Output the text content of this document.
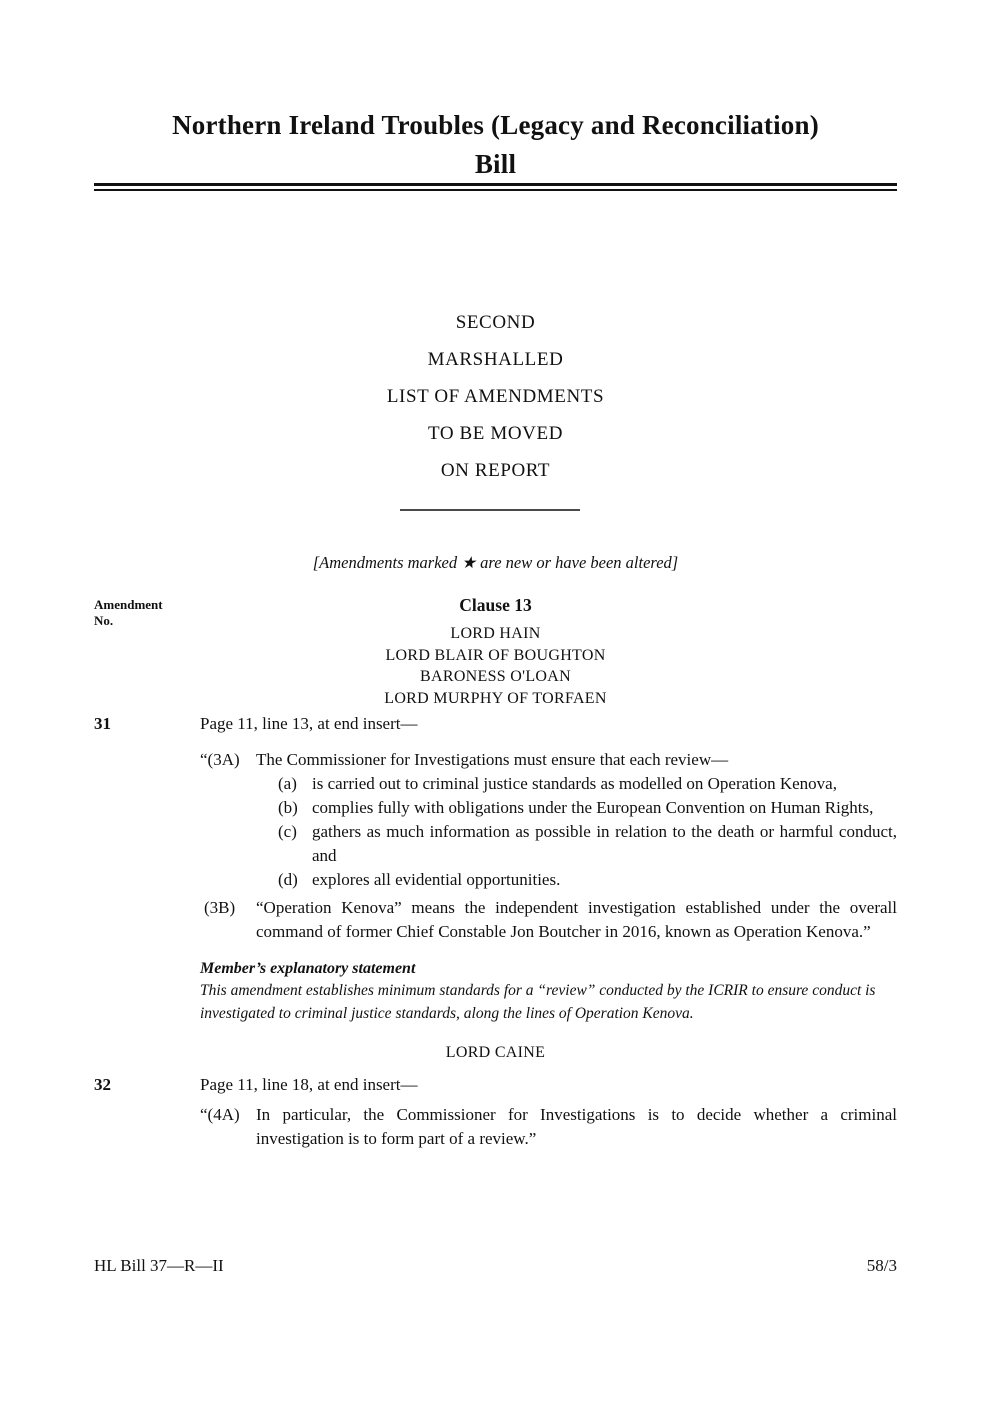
Northern Ireland Troubles (Legacy and Reconciliation)
Bill
SECOND
MARSHALLED
LIST OF AMENDMENTS
TO BE MOVED
ON REPORT
[Amendments marked ★ are new or have been altered]
Amendment
No.
Clause 13
LORD HAIN
LORD BLAIR OF BOUGHTON
BARONESS O'LOAN
LORD MURPHY OF TORFAEN
31	Page 11, line 13, at end insert—
“(3A) The Commissioner for Investigations must ensure that each review—
(a) is carried out to criminal justice standards as modelled on Operation Kenova,
(b) complies fully with obligations under the European Convention on Human Rights,
(c) gathers as much information as possible in relation to the death or harmful conduct, and
(d) explores all evidential opportunities.
(3B)	“Operation Kenova” means the independent investigation established under the overall command of former Chief Constable Jon Boutcher in 2016, known as Operation Kenova.”
Member’s explanatory statement
This amendment establishes minimum standards for a “review” conducted by the ICRIR to ensure conduct is investigated to criminal justice standards, along the lines of Operation Kenova.
LORD CAINE
32	Page 11, line 18, at end insert—
“(4A) In particular, the Commissioner for Investigations is to decide whether a criminal investigation is to form part of a review.”
HL Bill 37—R—II	58/3
